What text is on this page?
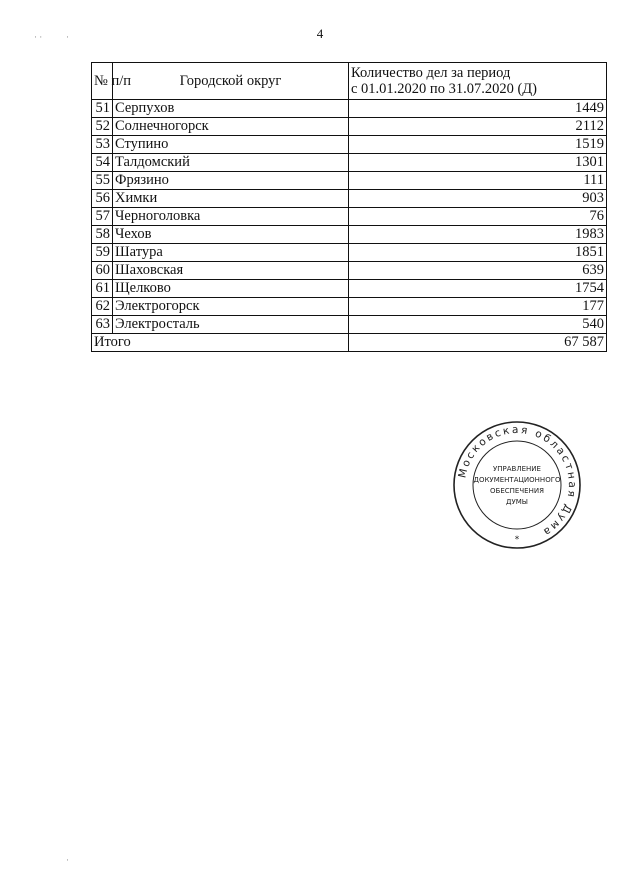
4
· ·	·
·
№ п/п	Городской округ	Количество дел за период
с 01.01.2020 по 31.07.2020 (Д)

51	Серпухов	1449
52	Солнечногорск	2112
53	Ступино	1519
54	Талдомский	1301
55	Фрязино	111
56	Химки	903
57	Черноголовка	76
58	Чехов	1983
59	Шатура	1851
60	Шаховская	639
61	Щелково	1754
62	Электрогорск	177
63	Электросталь	540
Итого		67 587
Московская областная Дума
УПРАВЛЕНИЕ
ДОКУМЕНТАЦИОННОГО
ОБЕСПЕЧЕНИЯ
ДУМЫ
*
